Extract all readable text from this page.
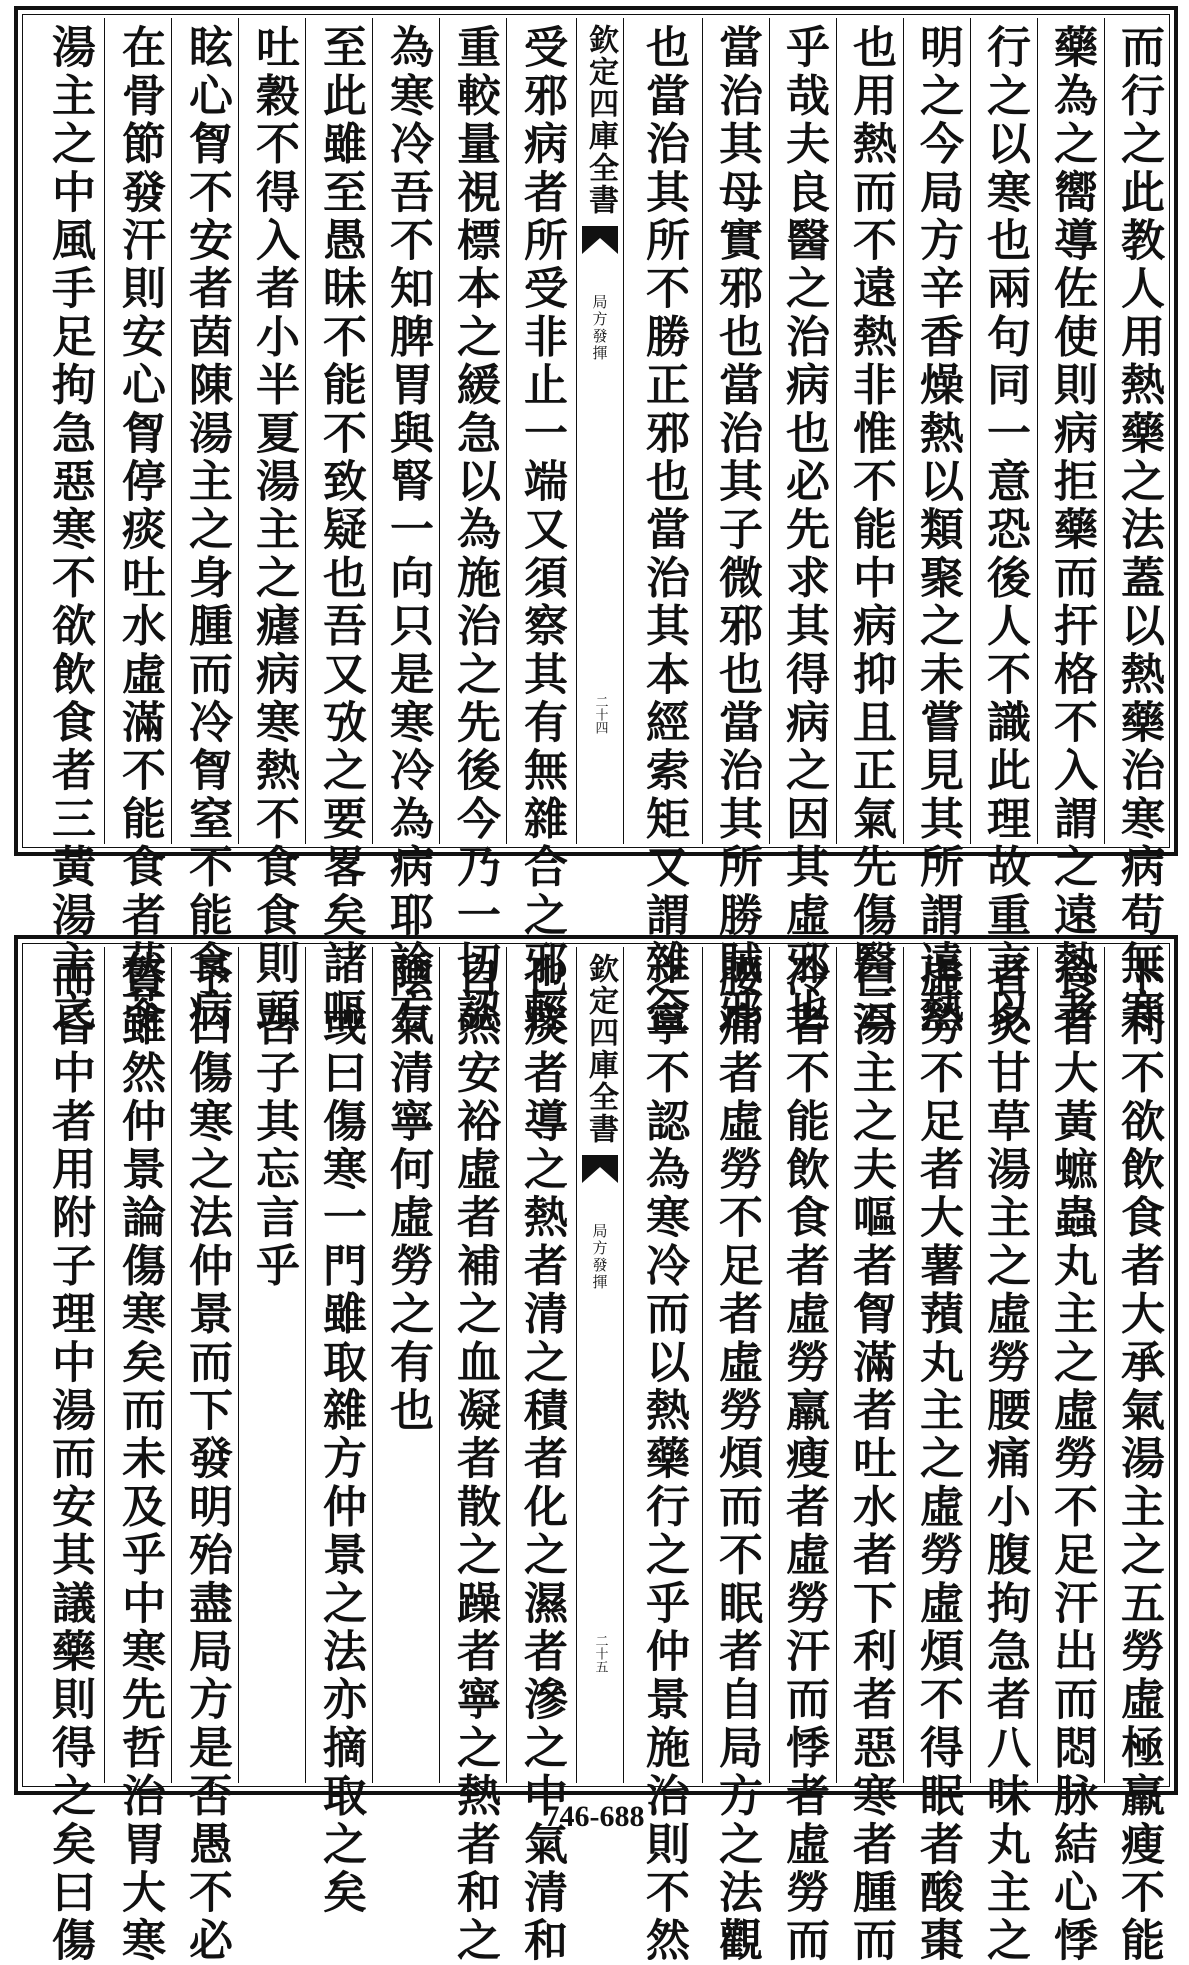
而行之此教人用熱藥之法蓋以熱藥治寒病苟無寒
藥為之嚮導佐使則病拒藥而扞格不入謂之遠熱者
行之以寒也兩句同一意恐後人不識此理故重言以
明之今局方辛香燥熱以類聚之未嘗見其所謂遠熱
也用熱而不遠熱非惟不能中病抑且正氣先傷醫云
乎哉夫良醫之治病也必先求其得病之因其虛邪也
當治其母實邪也當治其子微邪也當治其所勝賊邪
也當治其所不勝正邪也當治其本經索矩又謂雜合
欽定四庫全書
局方發揮
二十四
受邪病者所受非止一端又須察其有無雜合之邪輕
重較量視標本之緩急以為施治之先後今乃一切認
為寒冷吾不知脾胃與腎一向只是寒冷為病耶論方
至此雖至愚昧不能不致疑也吾又攷之要畧矣諸嘔
吐穀不得入者小半夏湯主之瘧病寒熱不食食則頭
眩心胷不安者茵陳湯主之身腫而冷胷窒不能食病
在骨節發汗則安心胷停痰吐水虛滿不能食者茯苓
湯主之中風手足拘急惡寒不欲飲食者三黃湯主之
下利不欲飲食者大承氣湯主之五勞虛極羸瘦不能
食者大黃蟅蟲丸主之虛勞不足汗出而悶脉結心悸
者炙甘草湯主之虛勞腰痛小腹拘急者八味丸主之
虛勞不足者大薯蕷丸主之虛勞虛煩不得眠者酸棗
仁湯主之夫嘔者胷滿者吐水者下利者惡寒者腫而
冷者不能飲食者虛勞羸瘦者虛勞汗而悸者虛勞而
腰痛者虛勞不足者虛勞煩而不眠者自局方之法觀
之寧不認為寒冷而以熱藥行之乎仲景施治則不然
欽定四庫全書
局方發揮
二十五
也痰者導之熱者清之積者化之濕者滲之中氣清和
自然安裕虛者補之血凝者散之躁者寧之熱者和之
陰氣清寧何虛勞之有也
　或曰傷寒一門雖取雜方仲景之法亦摘取之矣
　吾子其忘言乎
予曰傷寒之法仲景而下發明殆盡局方是否愚不必
贅雖然仲景論傷寒矣而未及乎中寒先哲治胃大寒
而昏中者用附子理中湯而安其議藥則得之矣曰傷	746-688
